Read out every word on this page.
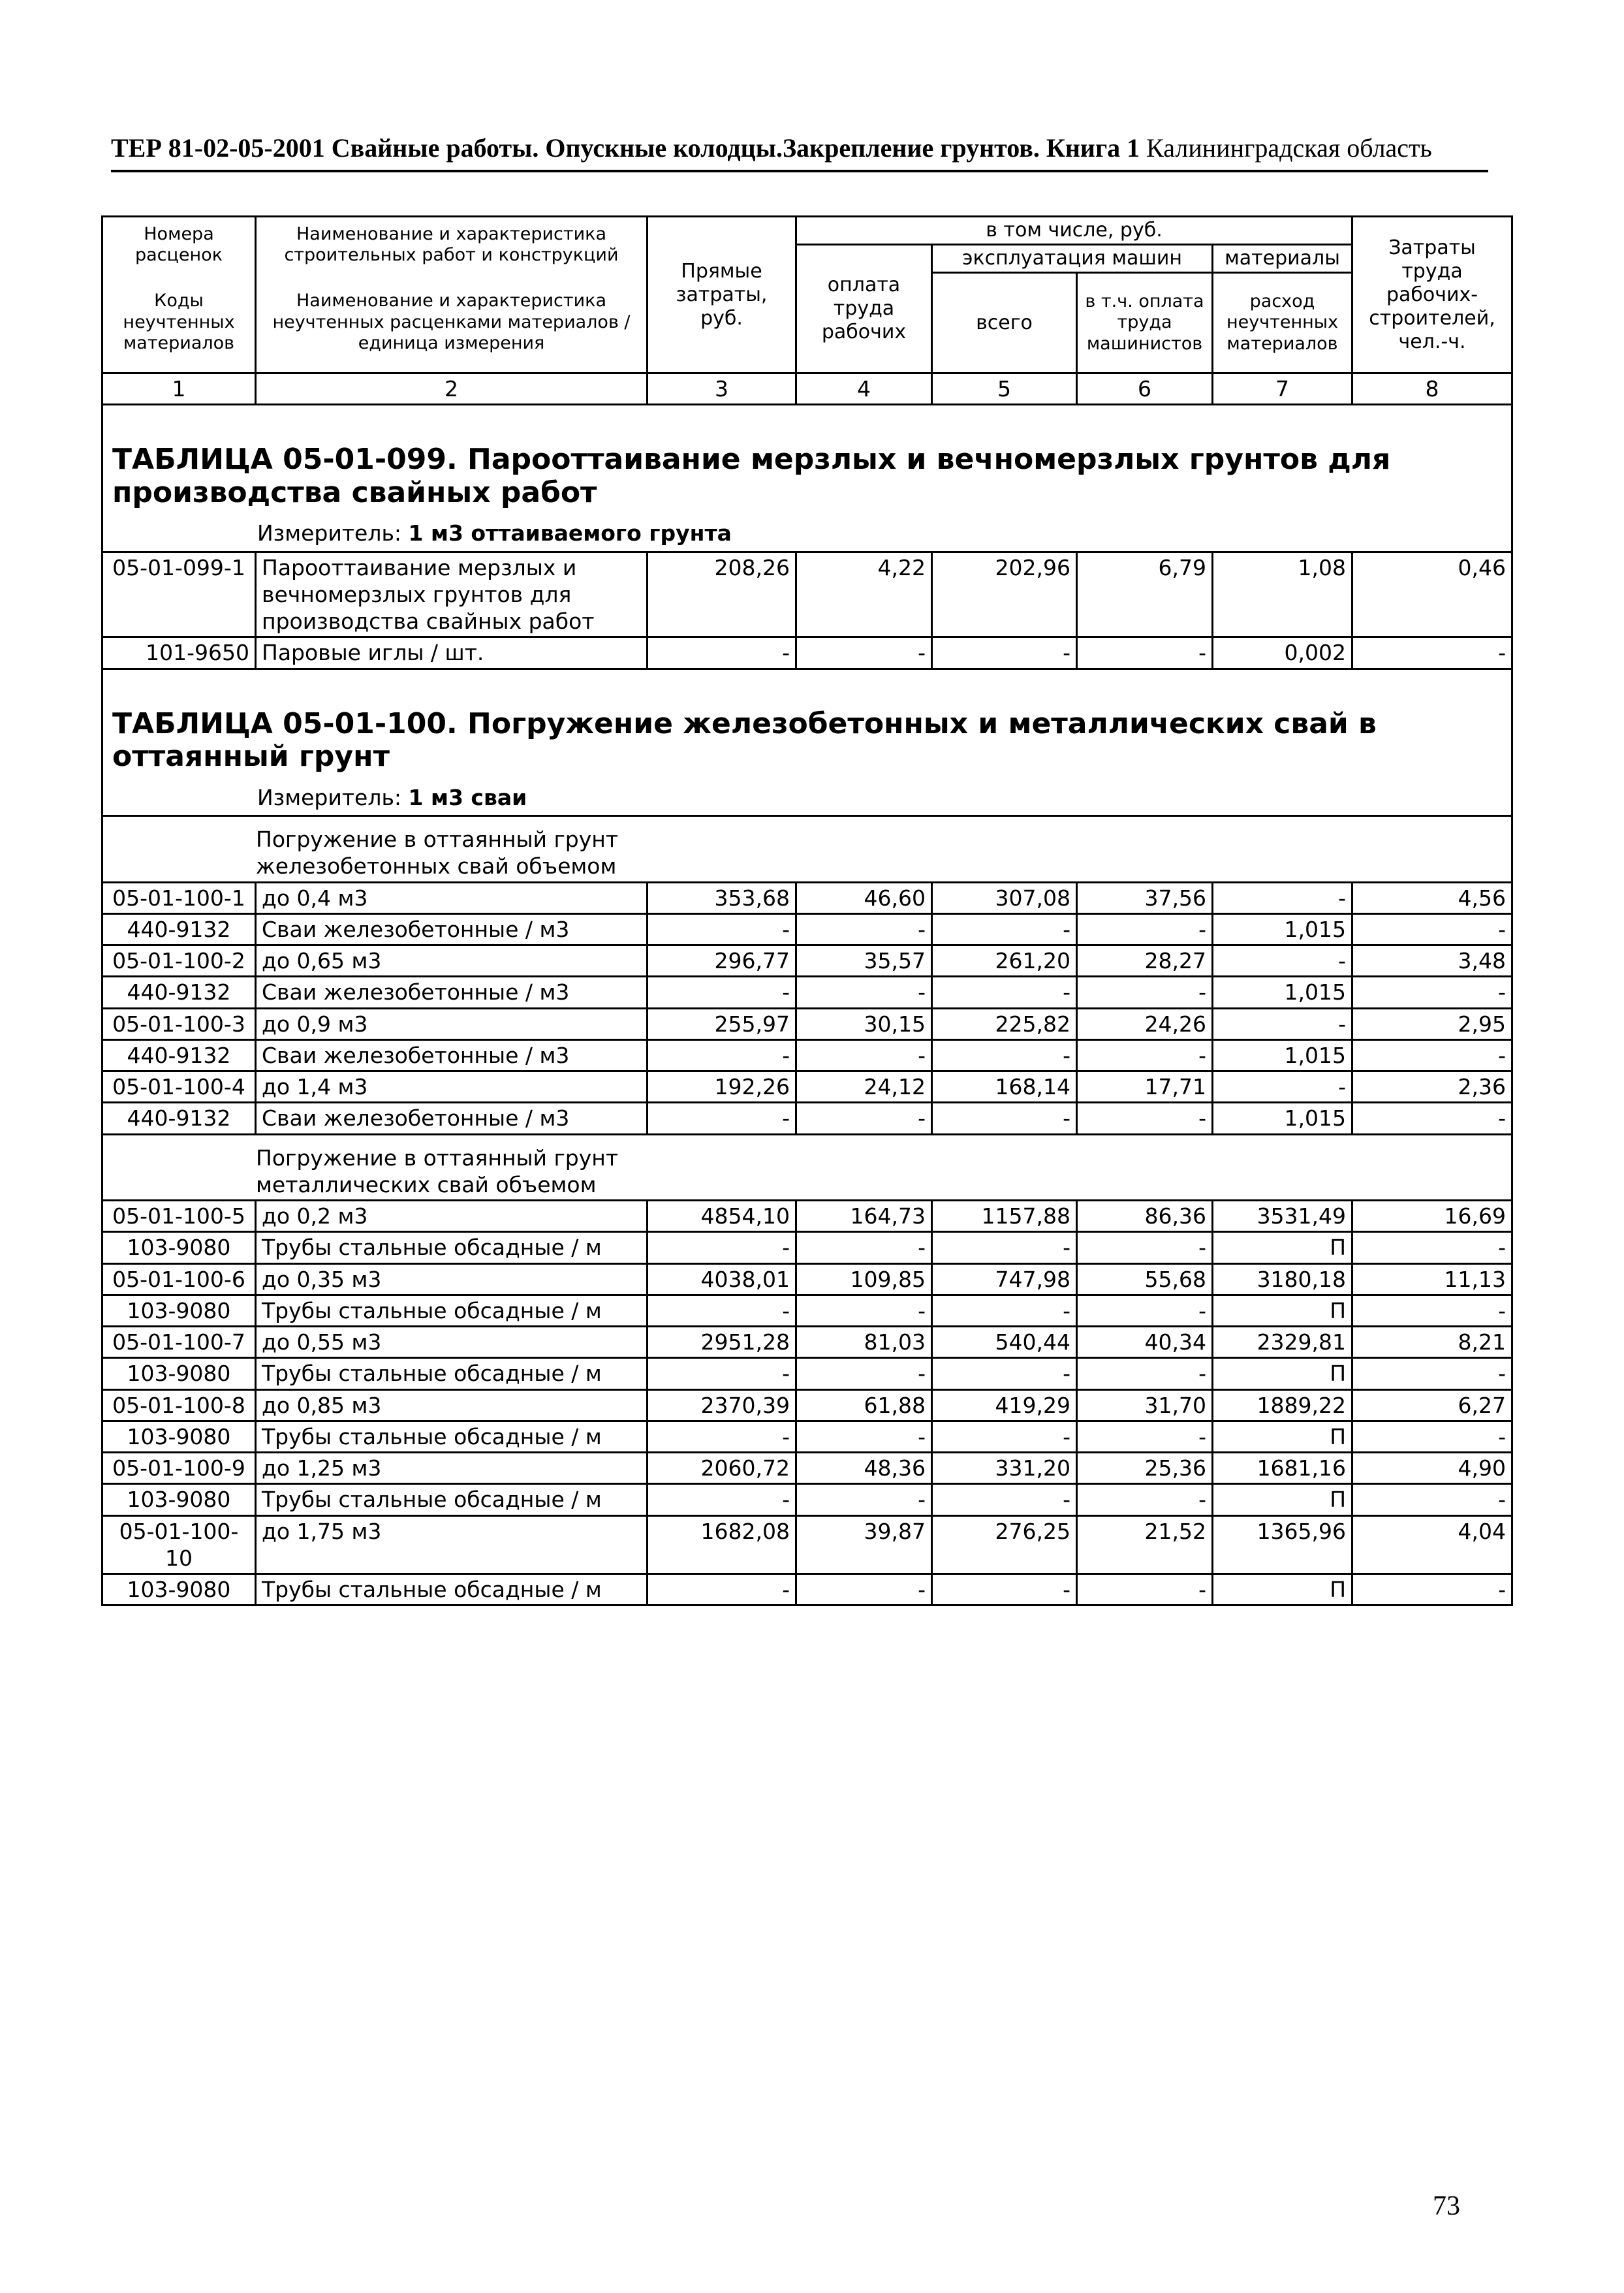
ТЕР 81-02-05-2001 Свайные работы. Опускные колодцы.Закрепление грунтов. Книга 1 Калининградская область
Номера расценок	Наименование и характеристика строительных работ и конструкций	Прямые затраты, руб.	в том числе, руб.				Затраты труда рабочих-строителей, чел.-ч.
			оплата труда рабочих	эксплуатация машин		материалы	
Коды неучтенных материалов	Наименование и характеристика неучтенных расценками материалов / единица измерения			всего	в т.ч. оплата труда машинистов	расход неучтенных материалов	

1	2	3	4	5	6	7	8
ТАБЛИЦА 05-01-099. Пароoттаивание мерзлых и вечномерзлых грунтов для производства свайных работ							

Измеритель: 1 м3 оттаиваемого грунта							

05-01-099-1	Пароoттаивание мерзлых и вечномерзлых грунтов для производства свайных работ	208,26	4,22	202,96	6,79	1,08	0,46
101-9650	Паровые иглы / шт.	-	-	-	-	0,002	-
ТАБЛИЦА 05-01-100. Погружение железобетонных и металлических свай в оттаянный грунт							

Измеритель: 1 м3 сваи							

Погружение в оттаянный грунт железобетонных свай объемом							

05-01-100-1	до 0,4 м3	353,68	46,60	307,08	37,56	-	4,56
440-9132	Сваи железобетонные / м3	-	-	-	-	1,015	-
05-01-100-2	до 0,65 м3	296,77	35,57	261,20	28,27	-	3,48
440-9132	Сваи железобетонные / м3	-	-	-	-	1,015	-
05-01-100-3	до 0,9 м3	255,97	30,15	225,82	24,26	-	2,95
440-9132	Сваи железобетонные / м3	-	-	-	-	1,015	-
05-01-100-4	до 1,4 м3	192,26	24,12	168,14	17,71	-	2,36
440-9132	Сваи железобетонные / м3	-	-	-	-	1,015	-

Погружение в оттаянный грунт металлических свай объемом							

05-01-100-5	до 0,2 м3	4854,10	164,73	1157,88	86,36	3531,49	16,69
103-9080	Трубы стальные обсадные / м	-	-	-	-	П	-
05-01-100-6	до 0,35 м3	4038,01	109,85	747,98	55,68	3180,18	11,13
103-9080	Трубы стальные обсадные / м	-	-	-	-	П	-
05-01-100-7	до 0,55 м3	2951,28	81,03	540,44	40,34	2329,81	8,21
103-9080	Трубы стальные обсадные / м	-	-	-	-	П	-
05-01-100-8	до 0,85 м3	2370,39	61,88	419,29	31,70	1889,22	6,27
103-9080	Трубы стальные обсадные / м	-	-	-	-	П	-
05-01-100-9	до 1,25 м3	2060,72	48,36	331,20	25,36	1681,16	4,90
103-9080	Трубы стальные обсадные / м	-	-	-	-	П	-
05-01-100-10	до 1,75 м3	1682,08	39,87	276,25	21,52	1365,96	4,04
103-9080	Трубы стальные обсадные / м	-	-	-	-	П	-
73
